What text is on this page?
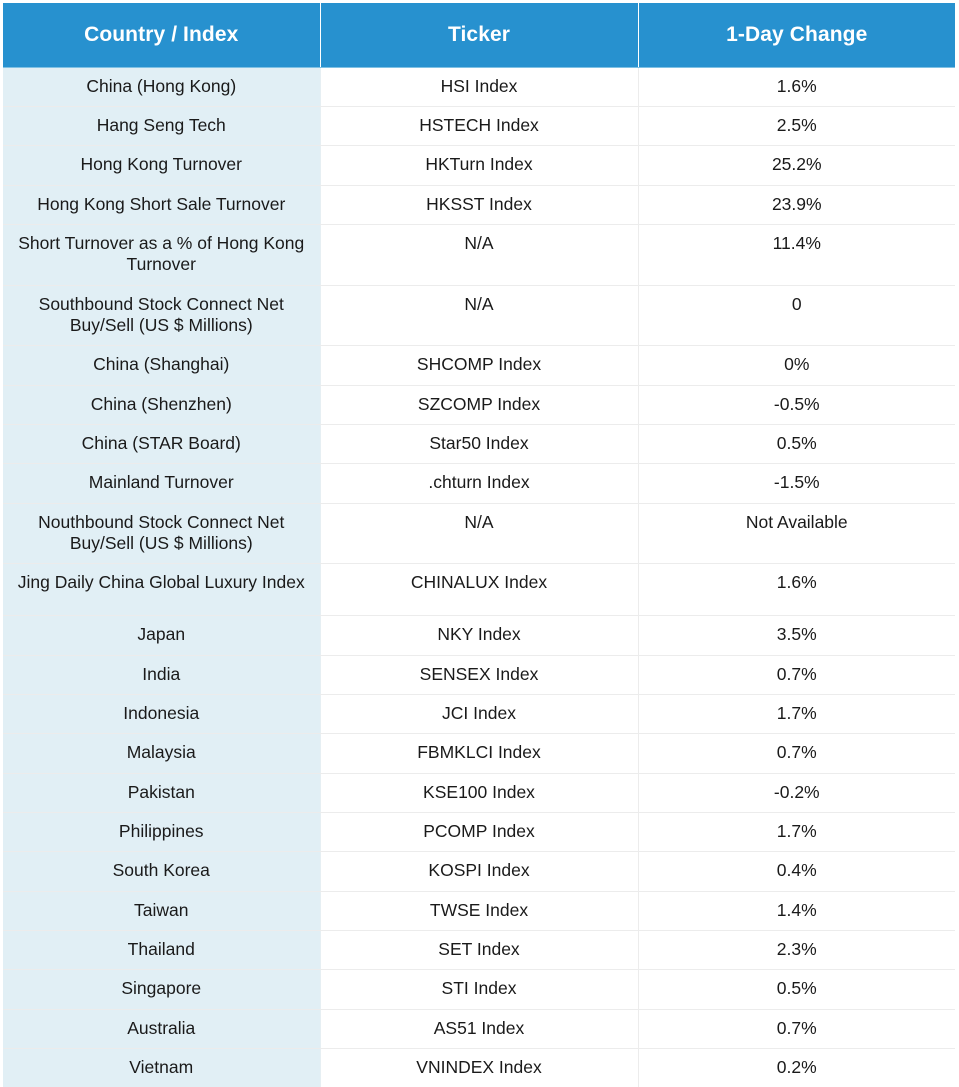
Country / Index	Ticker	1-Day Change
China (Hong Kong)	HSI Index	1.6%
Hang Seng Tech	HSTECH Index	2.5%
Hong Kong Turnover	HKTurn Index	25.2%
Hong Kong Short Sale Turnover	HKSST Index	23.9%
Short Turnover as a % of Hong Kong Turnover	N/A	11.4%
Southbound Stock Connect Net Buy/Sell (US $ Millions)	N/A	0
China (Shanghai)	SHCOMP Index	0%
China (Shenzhen)	SZCOMP Index	-0.5%
China (STAR Board)	Star50 Index	0.5%
Mainland Turnover	.chturn Index	-1.5%
Nouthbound Stock Connect Net Buy/Sell (US $ Millions)	N/A	Not Available
Jing Daily China Global Luxury Index	CHINALUX Index	1.6%
Japan	NKY Index	3.5%
India	SENSEX Index	0.7%
Indonesia	JCI Index	1.7%
Malaysia	FBMKLCI Index	0.7%
Pakistan	KSE100 Index	-0.2%
Philippines	PCOMP Index	1.7%
South Korea	KOSPI Index	0.4%
Taiwan	TWSE Index	1.4%
Thailand	SET Index	2.3%
Singapore	STI Index	0.5%
Australia	AS51 Index	0.7%
Vietnam	VNINDEX Index	0.2%
